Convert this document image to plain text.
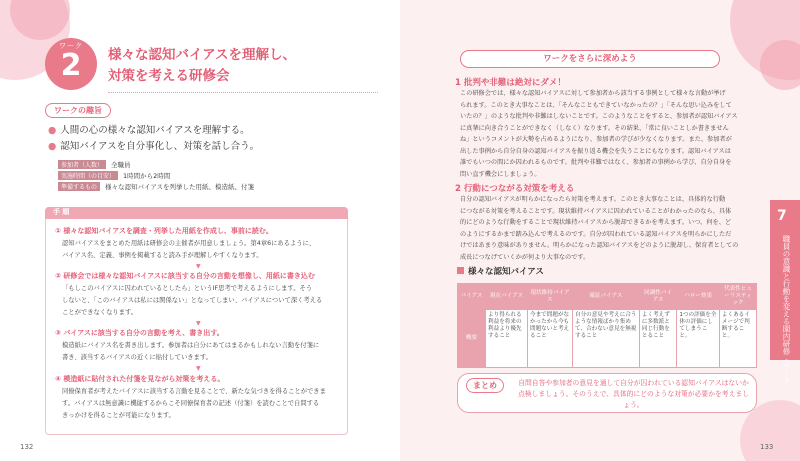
ワーク
2	様々な認知バイアスを理解し、
対策を考える研修会
ワークの趣旨
● 人間の心の様々な認知バイアスを理解する。
● 認知バイアスを自分事化し、対策を話し合う。
参加者（人数） 全職員
実施時間（の目安） 1時間から2時間
準備するもの 様々な認知バイアスを列挙した用紙、模造紙、付箋
手 順
① 様々な認知バイアスを調査・列挙した用紙を作成し、事前に読む。
認知バイアスをまとめた用紙は研修会の主催者が用意しましょう。第4章6にあるように、
バイアス名、定義、事例を掲載すると読み手が理解しやすくなります。
▼
② 研修会では様々な認知バイアスに該当する自分の言動を想像し、用紙に書き込む
「もしこのバイアスに囚われているとしたら」というIF思考で考えるようにします。そう
しないと、「このバイアスは私には関係ない」となってしまい、バイアスについて深く考える
ことができなくなります。
▼
③ バイアスに該当する自分の言動を考え、書き出す。
模造紙にバイアス名を書き出します。参加者は自分にあてはまるかもしれない言動を付箋に
書き、該当するバイアスの近くに貼付していきます。
▼
④ 模造紙に貼付された付箋を見ながら対策を考える。
同僚保育者が考えたバイアスに該当する言動を見ることで、新たな気づきを得ることができま
す。バイアスは無意識に機能するからこそ同僚保育者の記述（付箋）を読むことで自問する
きっかけを得ることが可能になります。
132
ワークをさらに深めよう
1 批判や非難は絶対にダメ！
この研修会では、様々な認知バイアスに対して参加者から該当する事例として様々な言動が挙げ
られます。このとき大事なことは、「そんなこともできていなかったの？」「そんな思い込みをして
いたの？」のような批判や非難はしないことです。このようなことをすると、参加者が認知バイアス
に真摯に向き合うことができなく（しなく）なります。その結果、「常に良いことしか書きません
ね」というコメントが大勢を占めるようになり、参加者の学びが少なくなります。また、参加者が
出した事例から自分自身の認知バイアスを振り返る機会を失うことにもなります。認知バイアスは
誰でもいつの間にか囚われるものです。批判や非難ではなく、参加者の事例から学び、自分自身を
問い直す機会にしましょう。
2 行動につながる対策を考える
自分の認知バイアスが明らかになったら対策を考えます。このとき大事なことは、具体的な行動
につながる対策を考えることです。現状維持バイアスに囚われていることがわかったのなら、具体
的にどのような行動をすることで現状維持バイアスから脱却できるかを考えます。いつ、何を、ど
のようにするかまで踏み込んで考えるのです。自分が囚われている認知バイアスを明らかにしただ
けではあまり意味がありません。明らかになった認知バイアスをどのように脱却し、保育者としての
成長につなげていくかが何より大事なのです。
様々な認知バイアス
バイアス	現在バイアス	現状維持バイアス	確証バイアス	同調性バイアス	ハロー効果	代表性ヒューリスティック
概要	より得られる利益を将来の利益より優先すること	今まで問題がなかったから今も問題ないと考えること	自分の意見や考えに合うような情報ばかり集めて、合わない意見を無視すること	よく考えずに多数派と同じ行動をとること	1つの評価を全体の評価にしてしまうこと。	よくあるイメージで判断すること。
まとめ	自問自答や参加者の意見を通して自分が囚われている認知バイアスはないか点検しましょう。そのうえで、具体的にどのような対策が必要かを考えましょう。
7
職員の意識と行動を変える園内研修〈ワーク〉
133
